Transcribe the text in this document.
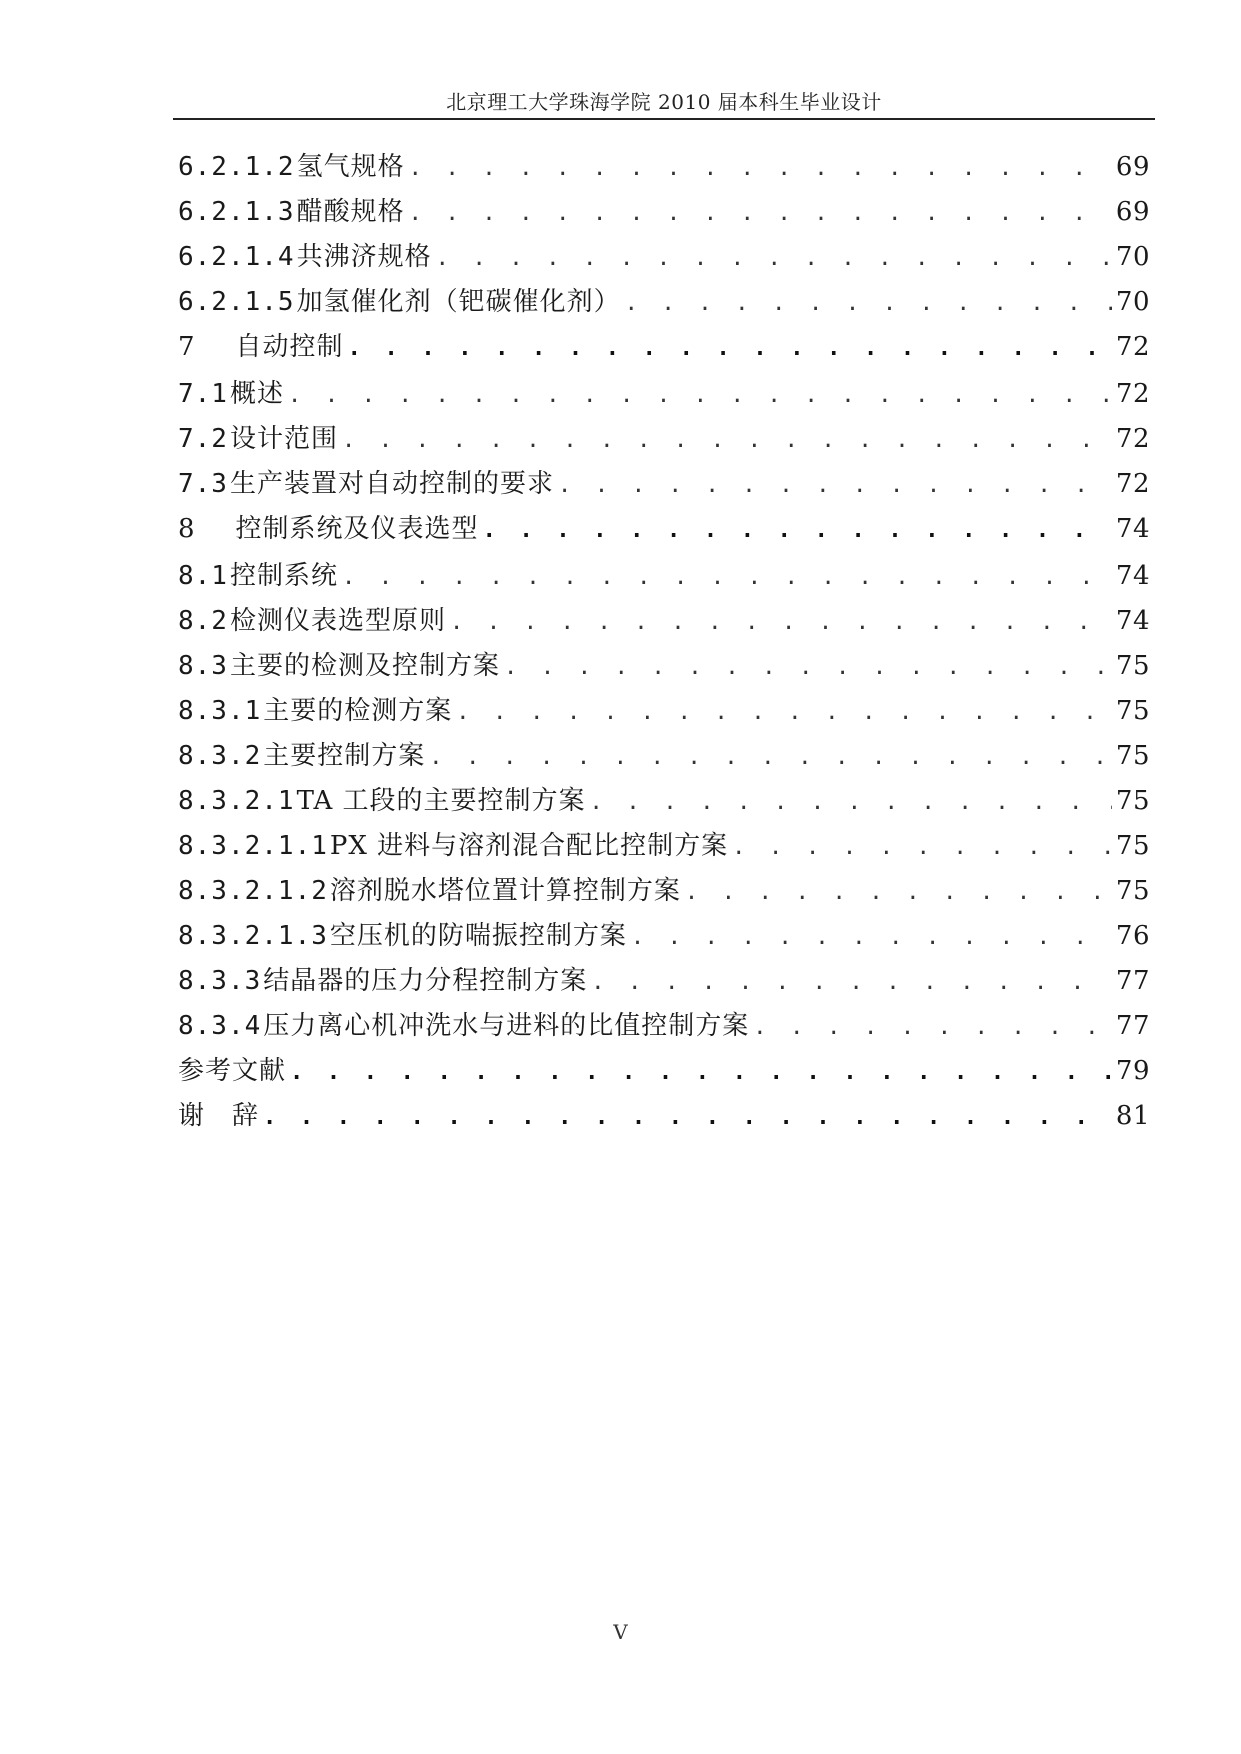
北京理工大学珠海学院 2010 届本科生毕业设计
6.2.1.2氢气规格 . . .	69
6.2.1.3醋酸规格 . . .	69
6.2.1.4共沸济规格 . . .	70
6.2.1.5加氢催化剂（钯碳催化剂） . . .	70
7 自动控制 . . .	72
7.1概述 . . .	72
7.2设计范围 . . .	72
7.3生产装置对自动控制的要求 . . .	72
8 控制系统及仪表选型 . . .	74
8.1控制系统 . . .	74
8.2检测仪表选型原则 . . .	74
8.3主要的检测及控制方案 . . .	75
8.3.1主要的检测方案 . . .	75
8.3.2主要控制方案 . . .	75
8.3.2.1TA 工段的主要控制方案 . . .	75
8.3.2.1.1PX 进料与溶剂混合配比控制方案 . . .	75
8.3.2.1.2溶剂脱水塔位置计算控制方案 . . .	75
8.3.2.1.3空压机的防喘振控制方案 . . .	76
8.3.3结晶器的压力分程控制方案 . . .	77
8.3.4压力离心机冲洗水与进料的比值控制方案 . . .	77
参考文献 . . .	79
谢　辞 . . .	81
V
